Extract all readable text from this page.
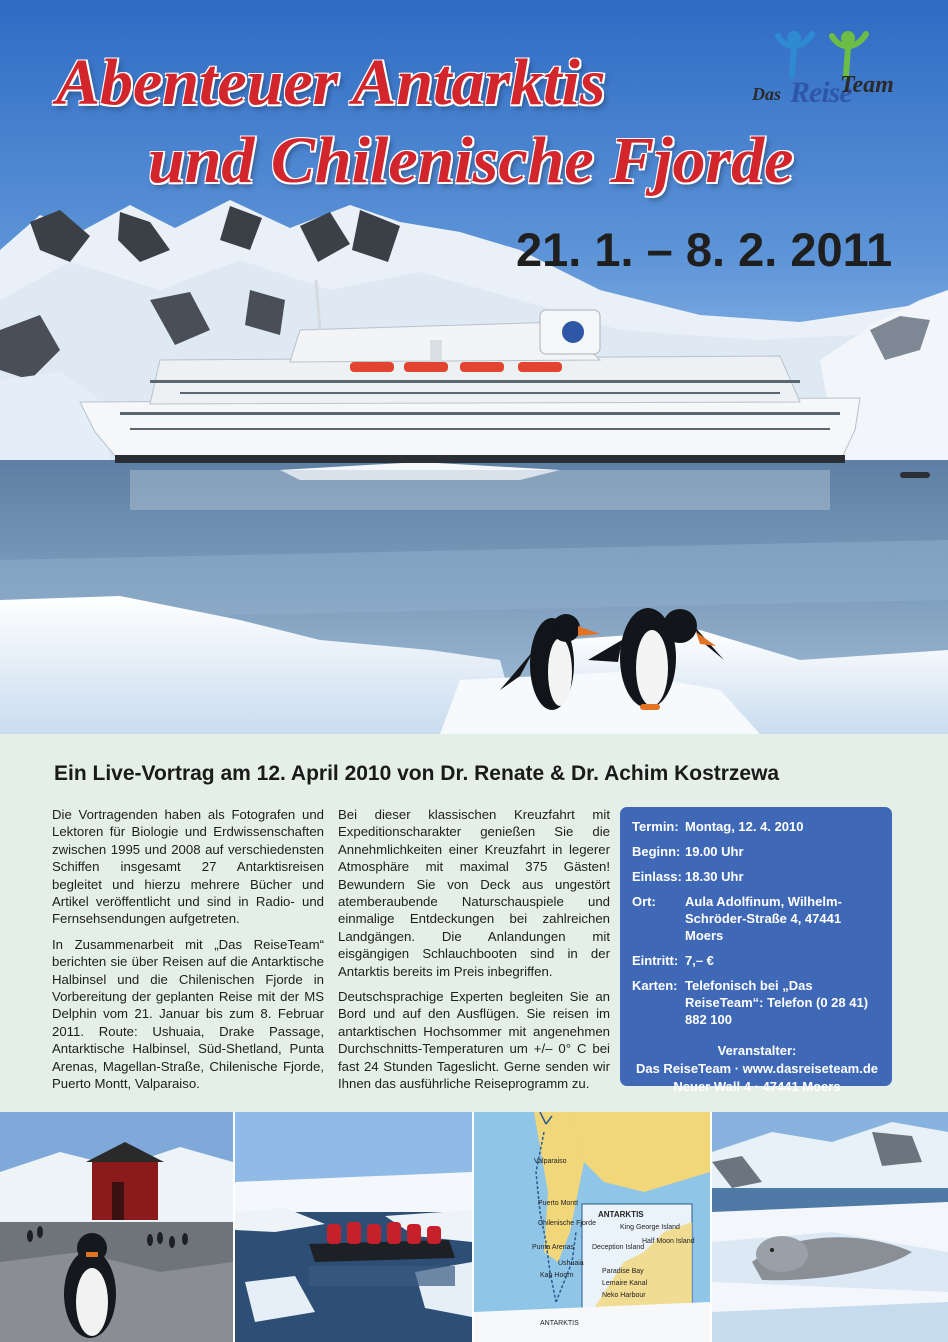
Abenteuer Antarktis
und Chilenische Fjorde
21. 1. – 8. 2. 2011
Das Reise
Team
Ein Live-Vortrag am 12. April 2010 von Dr. Renate & Dr. Achim Kostrzewa

Die Vortragenden haben als Fotografen und Lektoren für Biologie und Erdwissenschaften zwischen 1995 und 2008 auf verschiedensten Schiffen insgesamt 27 Antarktisreisen begleitet und hierzu mehrere Bücher und Artikel veröffentlicht und sind in Radio- und Fernsehsendungen aufgetreten.

In Zusammenarbeit mit „Das ReiseTeam“ berichten sie über Reisen auf die Antarktische Halbinsel und die Chilenischen Fjorde in Vorbereitung der geplanten Reise mit der MS Delphin vom 21. Januar bis zum 8. Februar 2011. Route: Ushuaia, Drake Passage, Antarktische Halbinsel, Süd-Shetland, Punta Arenas, Magellan-Straße, Chilenische Fjorde, Puerto Montt, Valparaiso.

Bei dieser klassischen Kreuzfahrt mit Expeditionscharakter genießen Sie die Annehmlichkeiten einer Kreuzfahrt in legerer Atmosphäre mit maximal 375 Gästen! Bewundern Sie von Deck aus ungestört atemberaubende Naturschauspiele und einmalige Entdeckungen bei zahlreichen Landgängen. Die Anlandungen mit eisgängigen Schlauchbooten sind in der Antarktis bereits im Preis inbegriffen.

Deutschsprachige Experten begleiten Sie an Bord und auf den Ausflügen. Sie reisen im antarktischen Hochsommer mit angenehmen Durchschnitts-Temperaturen um +/– 0° C bei fast 24 Stunden Tageslicht. Gerne senden wir Ihnen das ausführliche Reiseprogramm zu.

Termin: Montag, 12. 4. 2010
Beginn: 19.00 Uhr
Einlass: 18.30 Uhr
Ort:	Aula Adolfinum, Wilhelm-Schröder-Straße 4, 47441 Moers
Eintritt: 7,– €
Karten: Telefonisch bei „Das ReiseTeam“: Telefon (0 28 41) 882 100
Veranstalter:
Das ReiseTeam · www.dasreiseteam.de
Neuer Wall 4 · 47441 Moers
Valparaiso
Puerto Montt
Chilenische Fjorde
Punta Arenas
Ushuaia
Kap Hoorn
ANTARKTIS
ANTARKTIS
King George Island
Half Moon Island
Deception Island
Paradise Bay
Lemaire Kanal
Neko Harbour
